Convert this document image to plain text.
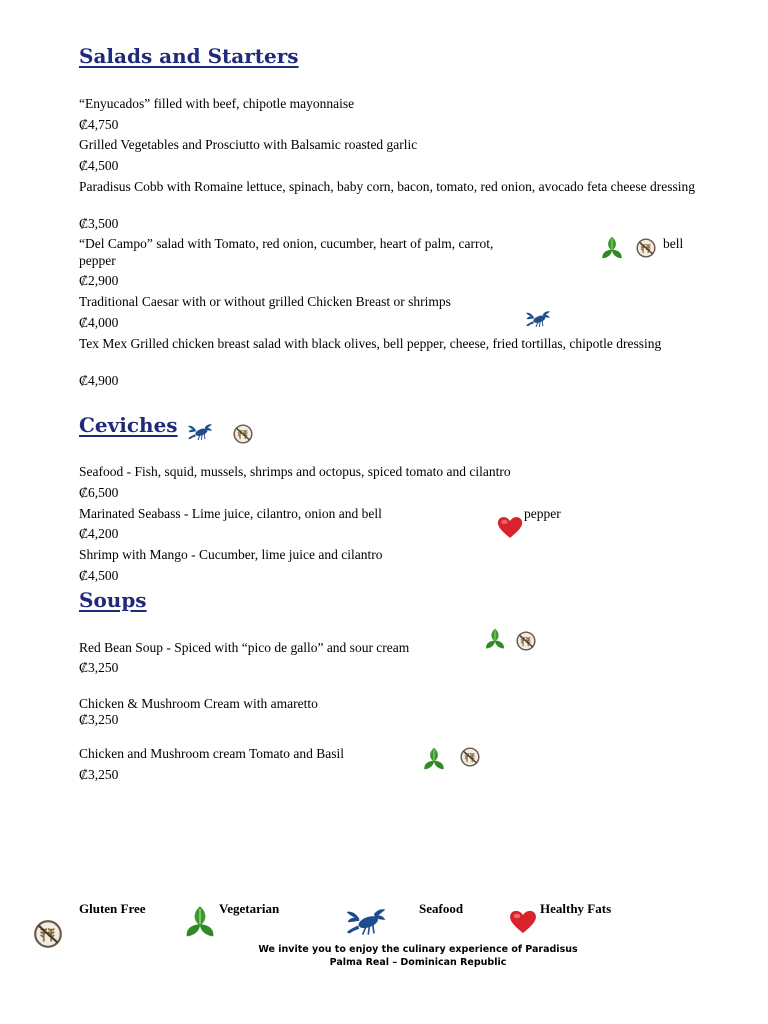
Salads and Starters
“Enyucados” filled with beef, chipotle mayonnaise
₡4,750
Grilled Vegetables and Prosciutto with Balsamic roasted garlic
₡4,500
Paradisus Cobb with Romaine lettuce, spinach, baby corn, bacon, tomato, red onion, avocado feta cheese dressing
₡3,500
“Del Campo” salad with Tomato, red onion, cucumber, heart of palm, carrot,	bell
pepper
₡2,900
Traditional Caesar with or without grilled Chicken Breast or shrimps
₡4,000
Tex Mex Grilled chicken breast salad with black olives, bell pepper, cheese, fried tortillas, chipotle dressing
₡4,900
Ceviches
Seafood - Fish, squid, mussels, shrimps and octopus, spiced tomato and cilantro
₡6,500
Marinated Seabass - Lime juice, cilantro, onion and bell	pepper
₡4,200
Shrimp with Mango - Cucumber, lime juice and cilantro
₡4,500
Soups
Red Bean Soup - Spiced with “pico de gallo” and sour cream
₡3,250
Chicken & Mushroom Cream with amaretto
₡3,250
Chicken and Mushroom cream Tomato and Basil
₡3,250
Gluten Free	Vegetarian	Seafood	Healthy Fats
We invite you to enjoy the culinary experience of Paradisus
Palma Real – Dominican Republic
